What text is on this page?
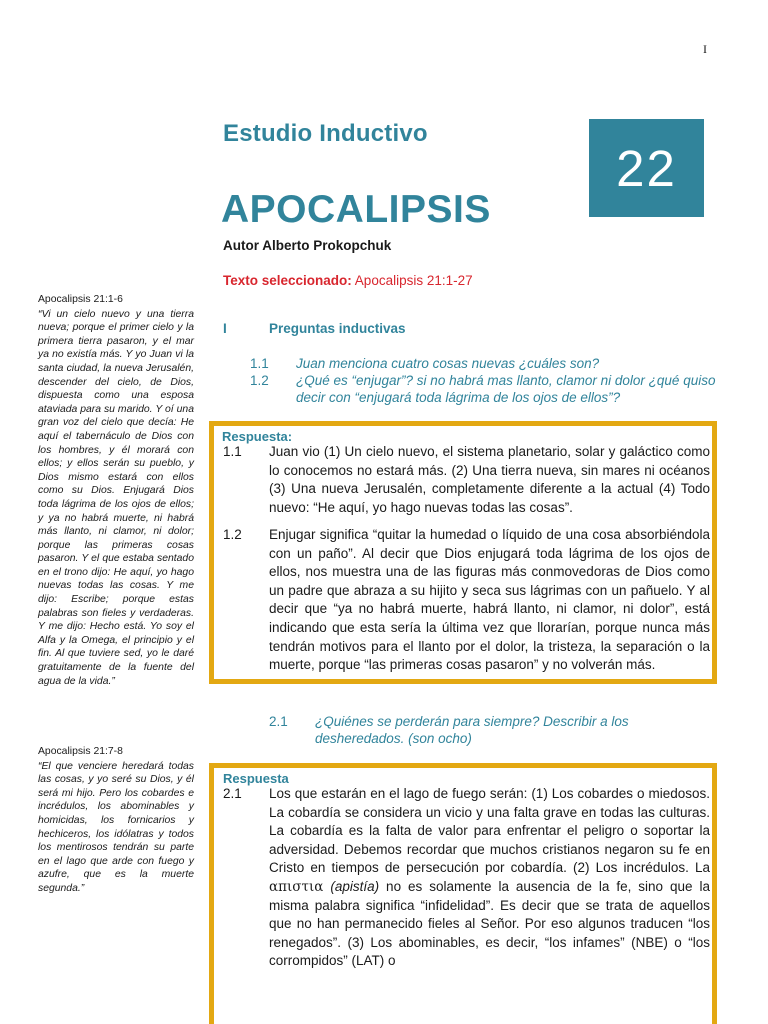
I
Estudio Inductivo
22
APOCALIPSIS
Autor Alberto Prokopchuk
Texto seleccionado: Apocalipsis 21:1-27
I	Preguntas inductivas
1.1 Juan menciona cuatro cosas nuevas ¿cuáles son?
1.2 ¿Qué es “enjugar”? si no habrá mas llanto, clamor ni dolor ¿qué quiso decir con “enjugará toda lágrima de los ojos de ellos”?
Apocalipsis 21:1-6
“Vi un cielo nuevo y una tierra nueva; porque el primer cielo y la primera tierra pasaron, y el mar ya no existía más. Y yo Juan vi la santa ciudad, la nueva Jerusalén, descender del cielo, de Dios, dispuesta como una esposa ataviada para su marido. Y oí una gran voz del cielo que decía: He aquí el tabernáculo de Dios con los hombres, y él morará con ellos; y ellos serán su pueblo, y Dios mismo estará con ellos como su Dios. Enjugará Dios toda lágrima de los ojos de ellos; y ya no habrá muerte, ni habrá más llanto, ni clamor, ni dolor; porque las primeras cosas pasaron. Y el que estaba sentado en el trono dijo: He aquí, yo hago nuevas todas las cosas. Y me dijo: Escribe; porque estas palabras son fieles y verdaderas. Y me dijo: Hecho está. Yo soy el Alfa y la Omega, el principio y el fin. Al que tuviere sed, yo le daré gratuitamente de la fuente del agua de la vida.”
Respuesta:
1.1 Juan vio (1) Un cielo nuevo, el sistema planetario, solar y galáctico como lo conocemos no estará más. (2) Una tierra nueva, sin mares ni océanos (3) Una nueva Jerusalén, completamente diferente a la actual (4) Todo nuevo: “He aquí, yo hago nuevas todas las cosas”.
1.2 Enjugar significa “quitar la humedad o líquido de una cosa absorbiéndola con un paño”. Al decir que Dios enjugará toda lágrima de los ojos de ellos, nos muestra una de las figuras más conmovedoras de Dios como un padre que abraza a su hijito y seca sus lágrimas con un pañuelo. Y al decir que “ya no habrá muerte, habrá llanto, ni clamor, ni dolor”, está indicando que esta sería la última vez que llorarían, porque nunca más tendrán motivos para el llanto por el dolor, la tristeza, la separación o la muerte, porque “las primeras cosas pasaron” y no volverán más.
2.1 ¿Quiénes se perderán para siempre? Describir a los desheredados. (son ocho)
Apocalipsis 21:7-8
“El que venciere heredará todas las cosas, y yo seré su Dios, y él será mi hijo. Pero los cobardes e incrédulos, los abominables y homicidas, los fornicarios y hechiceros, los idólatras y todos los mentirosos tendrán su parte en el lago que arde con fuego y azufre, que es la muerte segunda.”
Respuesta
2.1 Los que estarán en el lago de fuego serán: (1) Los cobardes o miedosos. La cobardía se considera un vicio y una falta grave en todas las culturas. La cobardía es la falta de valor para enfrentar el peligro o soportar la adversidad. Debemos recordar que muchos cristianos negaron su fe en Cristo en tiempos de persecución por cobardía. (2) Los incrédulos. La απιστια (apistía) no es solamente la ausencia de la fe, sino que la misma palabra significa “infidelidad”. Es decir que se trata de aquellos que no han permanecido fieles al Señor. Por eso algunos traducen “los renegados”. (3) Los abominables, es decir, “los infames” (NBE) o “los corrompidos” (LAT) o
